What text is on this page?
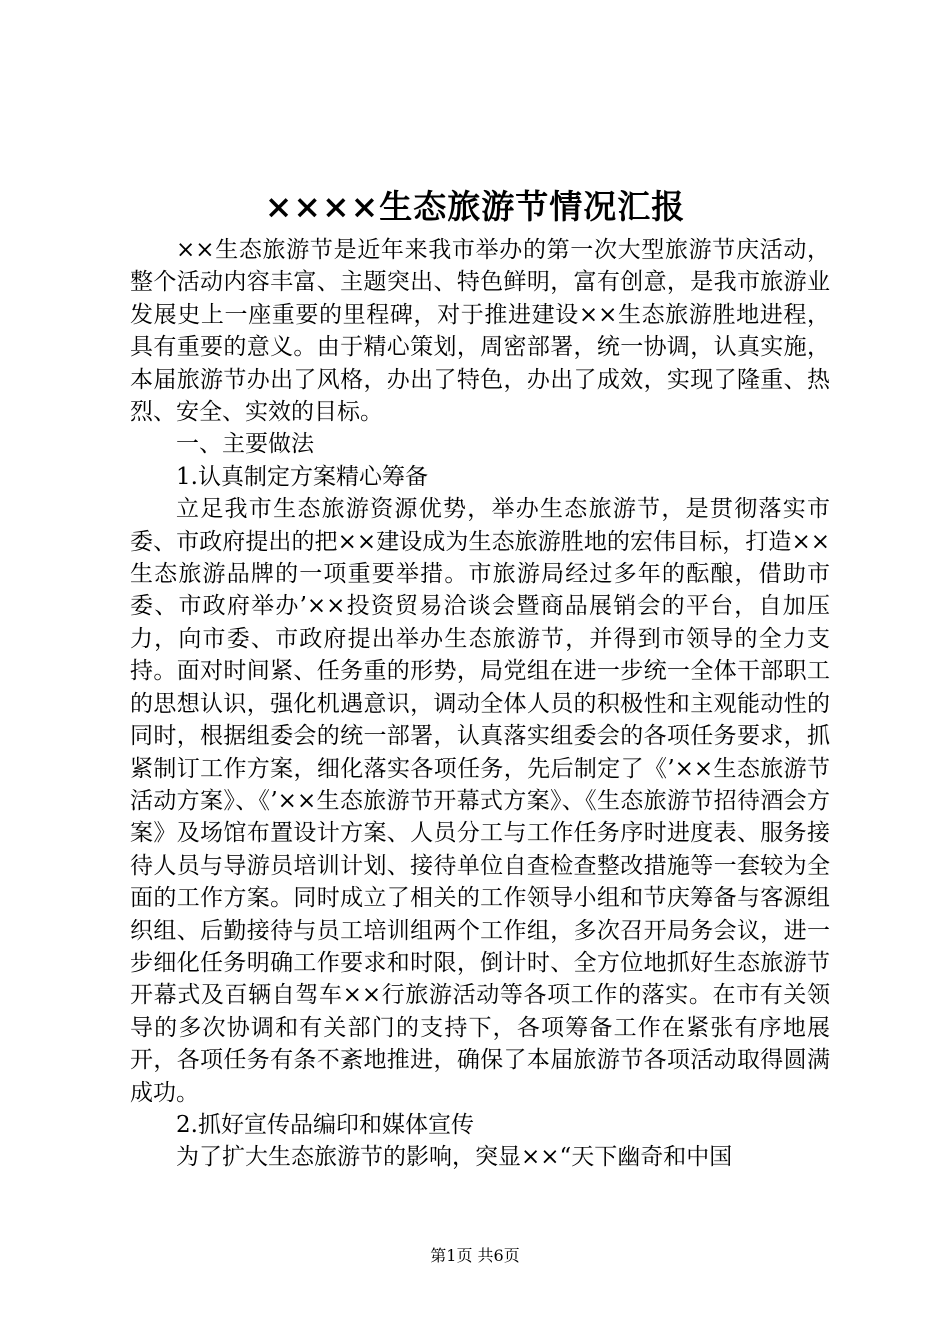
××××生态旅游节情况汇报

××生态旅游节是近年来我市举办的第一次大型旅游节庆活动，整个活动内容丰富、主题突出、特色鲜明，富有创意，是我市旅游业发展史上一座重要的里程碑，对于推进建设××生态旅游胜地进程，具有重要的意义。由于精心策划，周密部署，统一协调，认真实施，本届旅游节办出了风格，办出了特色，办出了成效，实现了隆重、热烈、安全、实效的目标。

一、主要做法

1.认真制定方案精心筹备

立足我市生态旅游资源优势，举办生态旅游节，是贯彻落实市委、市政府提出的把××建设成为生态旅游胜地的宏伟目标，打造××生态旅游品牌的一项重要举措。市旅游局经过多年的酝酿，借助市委、市政府举办’××投资贸易洽谈会暨商品展销会的平台，自加压力，向市委、市政府提出举办生态旅游节，并得到市领导的全力支持。面对时间紧、任务重的形势，局党组在进一步统一全体干部职工的思想认识，强化机遇意识，调动全体人员的积极性和主观能动性的同时，根据组委会的统一部署，认真落实组委会的各项任务要求，抓紧制订工作方案，细化落实各项任务，先后制定了《’××生态旅游节活动方案》、《’××生态旅游节开幕式方案》、《生态旅游节招待酒会方案》及场馆布置设计方案、人员分工与工作任务序时进度表、服务接待人员与导游员培训计划、接待单位自查检查整改措施等一套较为全面的工作方案。同时成立了相关的工作领导小组和节庆筹备与客源组织组、后勤接待与员工培训组两个工作组，多次召开局务会议，进一步细化任务明确工作要求和时限，倒计时、全方位地抓好生态旅游节开幕式及百辆自驾车××行旅游活动等各项工作的落实。在市有关领导的多次协调和有关部门的支持下，各项筹备工作在紧张有序地展开，各项任务有条不紊地推进，确保了本届旅游节各项活动取得圆满成功。

2.抓好宣传品编印和媒体宣传

为了扩大生态旅游节的影响，突显××“天下幽奇和中国

第1页 共6页
